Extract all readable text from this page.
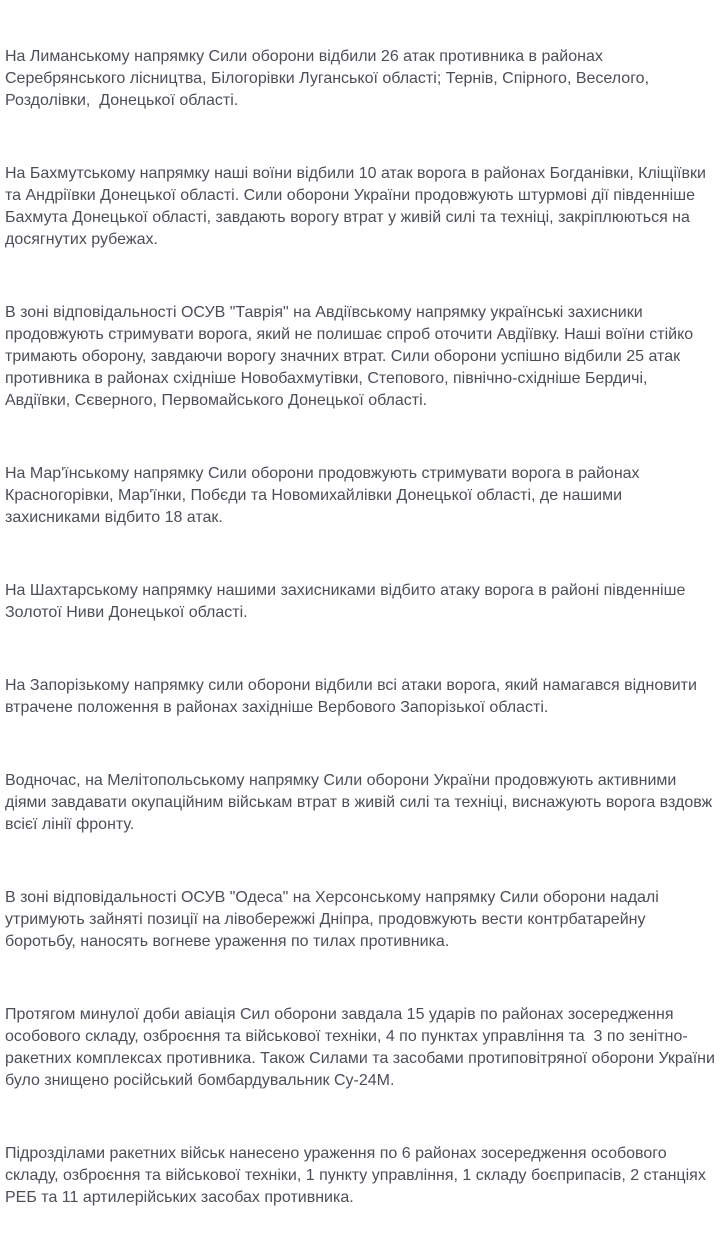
На Лиманському напрямку Сили оборони відбили 26 атак противника в районах Серебрянського лісництва, Білогорівки Луганської області; Тернів, Спірного, Веселого, Роздолівки,  Донецької області.

На Бахмутському напрямку наші воїни відбили 10 атак ворога в районах Богданівки, Кліщіївки та Андріївки Донецької області. Сили оборони України продовжують штурмові дії південніше Бахмута Донецької області, завдають ворогу втрат у живій силі та техніці, закріплюються на досягнутих рубежах.

В зоні відповідальності ОСУВ "Таврія" на Авдіївському напрямку українські захисники продовжують стримувати ворога, який не полишає спроб оточити Авдіївку. Наші воїни стійко тримають оборону, завдаючи ворогу значних втрат. Сили оборони успішно відбили 25 атак противника в районах східніше Новобахмутівки, Степового, північно-східніше Бердичі,  Авдіївки, Сєверного, Первомайського Донецької області.

На Мар'їнському напрямку Сили оборони продовжують стримувати ворога в районах Красногорівки, Мар'їнки, Побєди та Новомихайлівки Донецької області, де нашими захисниками відбито 18 атак.

На Шахтарському напрямку нашими захисниками відбито атаку ворога в районі південніше Золотої Ниви Донецької області.

На Запорізькому напрямку сили оборони відбили всі атаки ворога, який намагався відновити втрачене положення в районах західніше Вербового Запорізької області.

Водночас, на Мелітопольському напрямку Сили оборони України продовжують активними діями завдавати окупаційним військам втрат в живій силі та техніці, виснажують ворога вздовж всієї лінії фронту.

В зоні відповідальності ОСУВ "Одеса" на Херсонському напрямку Сили оборони надалі утримують зайняті позиції на лівобережжі Дніпра, продовжують вести контрбатарейну боротьбу, наносять вогневе ураження по тилах противника.

Протягом минулої доби авіація Сил оборони завдала 15 ударів по районах зосередження особового складу, озброєння та військової техніки, 4 по пунктах управління та  3 по зенітно-ракетних комплексах противника. Також Силами та засобами протиповітряної оборони України було знищено російський бомбардувальник Су-24М.

Підрозділами ракетних військ нанесено ураження по 6 районах зосередження особового складу, озброєння та військової техніки, 1 пункту управління, 1 складу боєприпасів, 2 станціях РЕБ та 11 артилерійських засобах противника.
